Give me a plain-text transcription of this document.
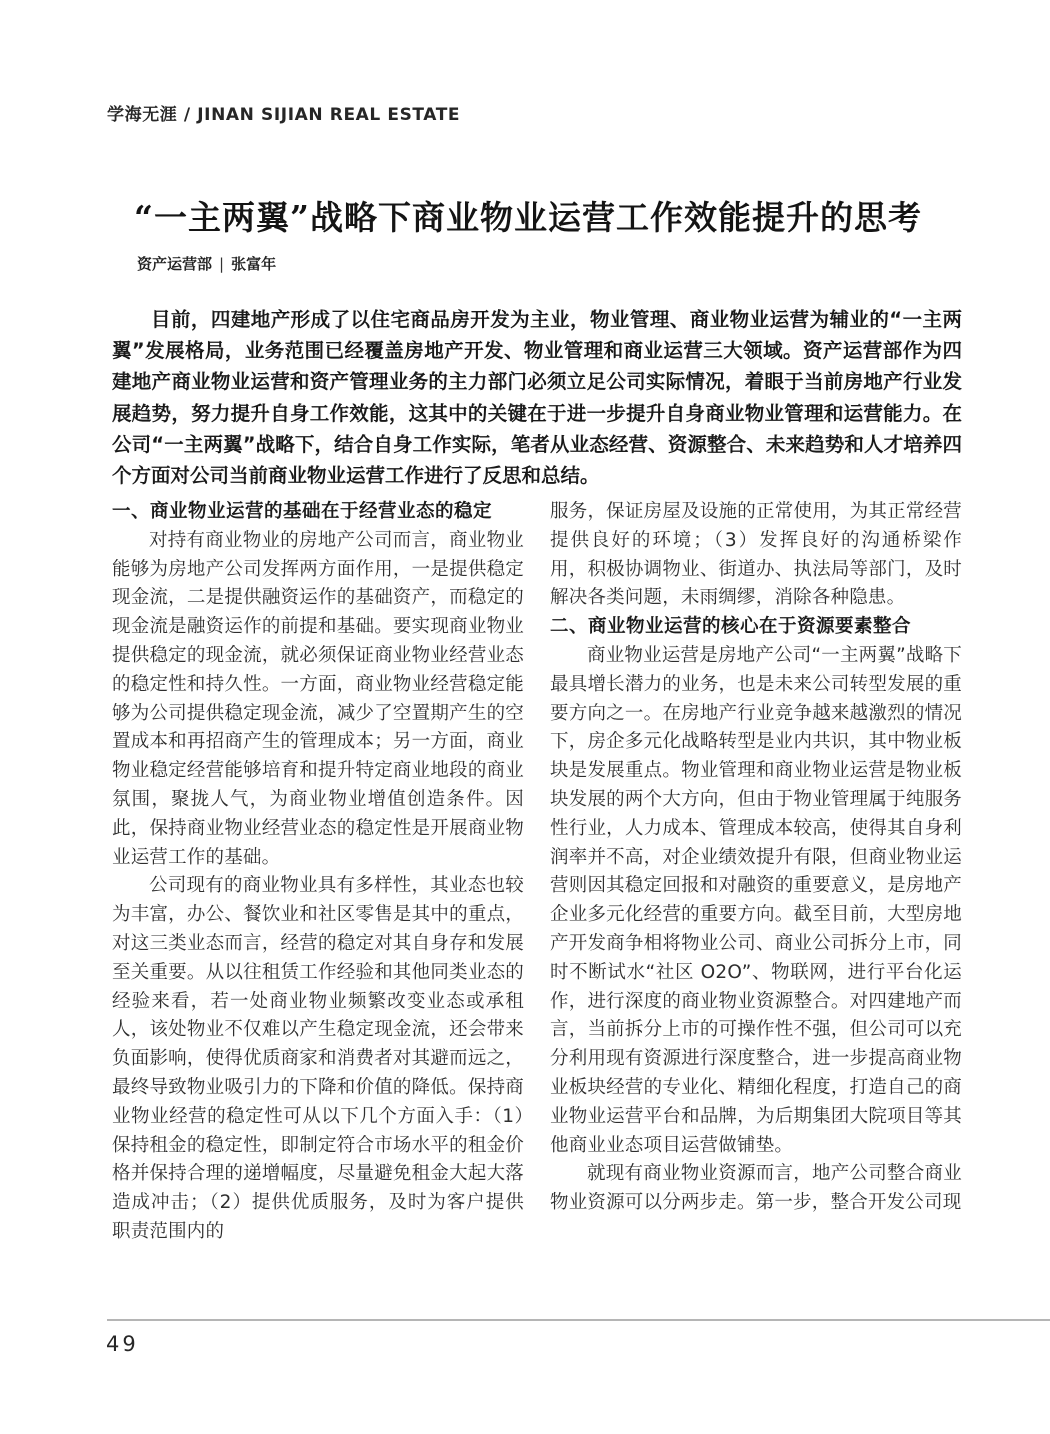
学海无涯 / JINAN SIJIAN REAL ESTATE
“一主两翼”战略下商业物业运营工作效能提升的思考
资产运营部 | 张富年

目前，四建地产形成了以住宅商品房开发为主业，物业管理、商业物业运营为辅业的“一主两翼”发展格局，业务范围已经覆盖房地产开发、物业管理和商业运营三大领域。资产运营部作为四建地产商业物业运营和资产管理业务的主力部门必须立足公司实际情况，着眼于当前房地产行业发展趋势，努力提升自身工作效能，这其中的关键在于进一步提升自身商业物业管理和运营能力。在公司“一主两翼”战略下，结合自身工作实际，笔者从业态经营、资源整合、未来趋势和人才培养四个方面对公司当前商业物业运营工作进行了反思和总结。

一、商业物业运营的基础在于经营业态的稳定

对持有商业物业的房地产公司而言，商业物业能够为房地产公司发挥两方面作用，一是提供稳定现金流，二是提供融资运作的基础资产，而稳定的现金流是融资运作的前提和基础。要实现商业物业提供稳定的现金流，就必须保证商业物业经营业态的稳定性和持久性。一方面，商业物业经营稳定能够为公司提供稳定现金流，减少了空置期产生的空置成本和再招商产生的管理成本；另一方面，商业物业稳定经营能够培育和提升特定商业地段的商业氛围，聚拢人气，为商业物业增值创造条件。因此，保持商业物业经营业态的稳定性是开展商业物业运营工作的基础。

公司现有的商业物业具有多样性，其业态也较为丰富，办公、餐饮业和社区零售是其中的重点，对这三类业态而言，经营的稳定对其自身存和发展至关重要。从以往租赁工作经验和其他同类业态的经验来看，若一处商业物业频繁改变业态或承租人，该处物业不仅难以产生稳定现金流，还会带来负面影响，使得优质商家和消费者对其避而远之，最终导致物业吸引力的下降和价值的降低。保持商业物业经营的稳定性可从以下几个方面入手：（1）保持租金的稳定性，即制定符合市场水平的租金价格并保持合理的递增幅度，尽量避免租金大起大落造成冲击；（2）提供优质服务，及时为客户提供职责范围内的

服务，保证房屋及设施的正常使用，为其正常经营提供良好的环境；（3）发挥良好的沟通桥梁作用，积极协调物业、街道办、执法局等部门，及时解决各类问题，未雨绸缪，消除各种隐患。

二、商业物业运营的核心在于资源要素整合

商业物业运营是房地产公司“一主两翼”战略下最具增长潜力的业务，也是未来公司转型发展的重要方向之一。在房地产行业竞争越来越激烈的情况下，房企多元化战略转型是业内共识，其中物业板块是发展重点。物业管理和商业物业运营是物业板块发展的两个大方向，但由于物业管理属于纯服务性行业，人力成本、管理成本较高，使得其自身利润率并不高，对企业绩效提升有限，但商业物业运营则因其稳定回报和对融资的重要意义，是房地产企业多元化经营的重要方向。截至目前，大型房地产开发商争相将物业公司、商业公司拆分上市，同时不断试水“社区 O2O”、物联网，进行平台化运作，进行深度的商业物业资源整合。对四建地产而言，当前拆分上市的可操作性不强，但公司可以充分利用现有资源进行深度整合，进一步提高商业物业板块经营的专业化、精细化程度，打造自己的商业物业运营平台和品牌，为后期集团大院项目等其他商业业态项目运营做铺垫。

就现有商业物业资源而言，地产公司整合商业物业资源可以分两步走。第一步，整合开发公司现

49
